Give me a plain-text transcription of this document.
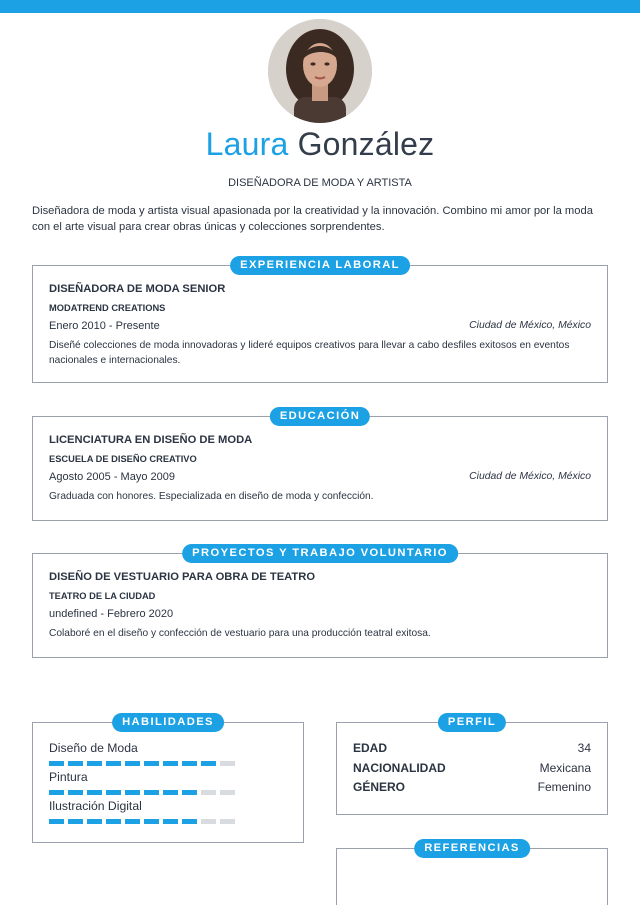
Laura González
DISEÑADORA DE MODA Y ARTISTA
Diseñadora de moda y artista visual apasionada por la creatividad y la innovación. Combino mi amor por la moda con el arte visual para crear obras únicas y colecciones sorprendentes.
EXPERIENCIA LABORAL
DISEÑADORA DE MODA SENIOR
MODATREND CREATIONS
Enero 2010 - Presente	Ciudad de México, México
Diseñé colecciones de moda innovadoras y lideré equipos creativos para llevar a cabo desfiles exitosos en eventos nacionales e internacionales.
EDUCACIÓN
LICENCIATURA EN DISEÑO DE MODA
ESCUELA DE DISEÑO CREATIVO
Agosto 2005 - Mayo 2009	Ciudad de México, México
Graduada con honores. Especializada en diseño de moda y confección.
PROYECTOS Y TRABAJO VOLUNTARIO
DISEÑO DE VESTUARIO PARA OBRA DE TEATRO
TEATRO DE LA CIUDAD
undefined - Febrero 2020
Colaboré en el diseño y confección de vestuario para una producción teatral exitosa.
HABILIDADES
Diseño de Moda
Pintura
Ilustración Digital
PERFIL
EDAD	34
NACIONALIDAD	Mexicana
GÉNERO	Femenino
REFERENCIAS
